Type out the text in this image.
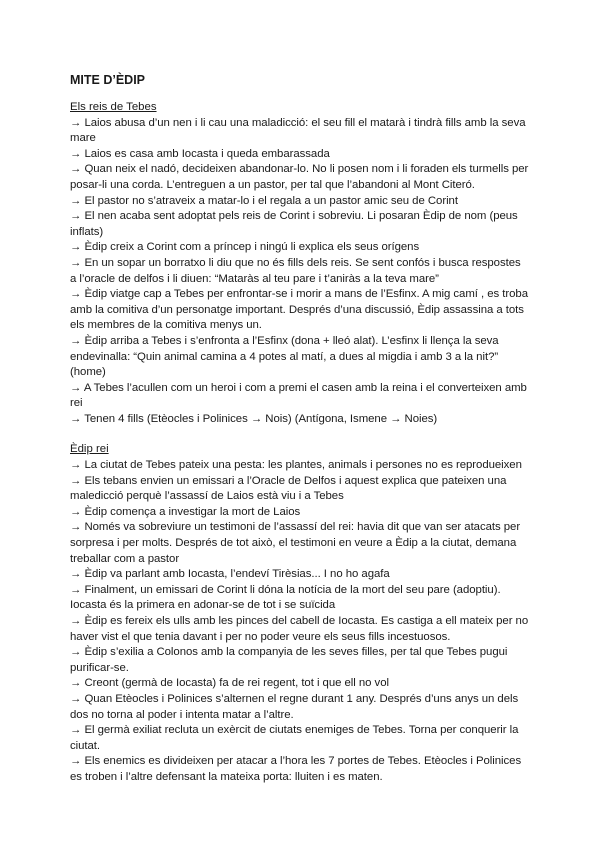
MITE D’ÈDIP

Els reis de Tebes

→ Laios abusa d’un nen i li cau una maladicció: el seu fill el matarà i tindrà fills amb la seva mare

→ Laios es casa amb Iocasta i queda embarassada

→ Quan neix el nadó, decideixen abandonar-lo. No li posen nom i li foraden els turmells per posar-li una corda. L’entreguen a un pastor, per tal que l’abandoni al Mont Citeró.

→ El pastor no s’atraveix a matar-lo i el regala a un pastor amic seu de Corint

→ El nen acaba sent adoptat pels reis de Corint i sobreviu. Li posaran Èdip de nom (peus inflats)

→ Èdip creix a Corint com a príncep i ningú li explica els seus orígens

→ En un sopar un borratxo li diu que no és fills dels reis. Se sent confós i busca respostes a l’oracle de delfos i li diuen: “Mataràs al teu pare i t’aniràs a la teva mare”

→ Èdip viatge cap a Tebes per enfrontar-se i morir a mans de l’Esfinx. A mig camí , es troba amb la comitiva d’un personatge important. Després d’una discussió, Èdip assassina a tots els membres de la comitiva menys un.

→ Èdip arriba a Tebes i s’enfronta a l’Esfinx (dona + lleó alat). L’esfinx li llença la seva endevinalla: “Quin animal camina a 4 potes al matí, a dues al migdia i amb 3 a la nit?” (home)

→ A Tebes l’acullen com un heroi i com a premi el casen amb la reina i el converteixen amb rei

→ Tenen 4 fills (Etèocles i Polinices → Nois) (Antígona, Ismene → Noies)

Èdip rei

→ La ciutat de Tebes pateix una pesta: les plantes, animals i persones no es reprodueixen

→ Els tebans envien un emissari a l’Oracle de Delfos i aquest explica que pateixen una maledicció perquè l’assassí de Laios està viu i a Tebes

→ Èdip comença a investigar la mort de Laios

→ Només va sobreviure un testimoni de l’assassí del rei: havia dit que van ser atacats per sorpresa i per molts. Després de tot això, el testimoni en veure a Èdip a la ciutat, demana treballar com a pastor

→ Èdip va parlant amb Iocasta, l’endeví Tirèsias... I no ho agafa

→ Finalment, un emissari de Corint li dóna la notícia de la mort del seu pare (adoptiu). Iocasta és la primera en adonar-se de tot i se suïcida

→ Èdip es fereix els ulls amb les pinces del cabell de Iocasta. Es castiga a ell mateix per no haver vist el que tenia davant i per no poder veure els seus fills incestuosos.

→ Èdip s’exilia a Colonos amb la companyia de les seves filles, per tal que Tebes pugui purificar-se.

→ Creont (germà de Iocasta) fa de rei regent, tot i que ell no vol

→ Quan Etèocles i Polinices s’alternen el regne durant 1 any. Després d’uns anys un dels dos no torna al poder i intenta matar a l’altre.

→ El germà exiliat recluta un exèrcit de ciutats enemiges de Tebes. Torna per conquerir la ciutat.

→ Els enemics es divideixen per atacar a l’hora les 7 portes de Tebes. Etèocles i Polinices es troben i l’altre defensant la mateixa porta: lluiten i es maten.
